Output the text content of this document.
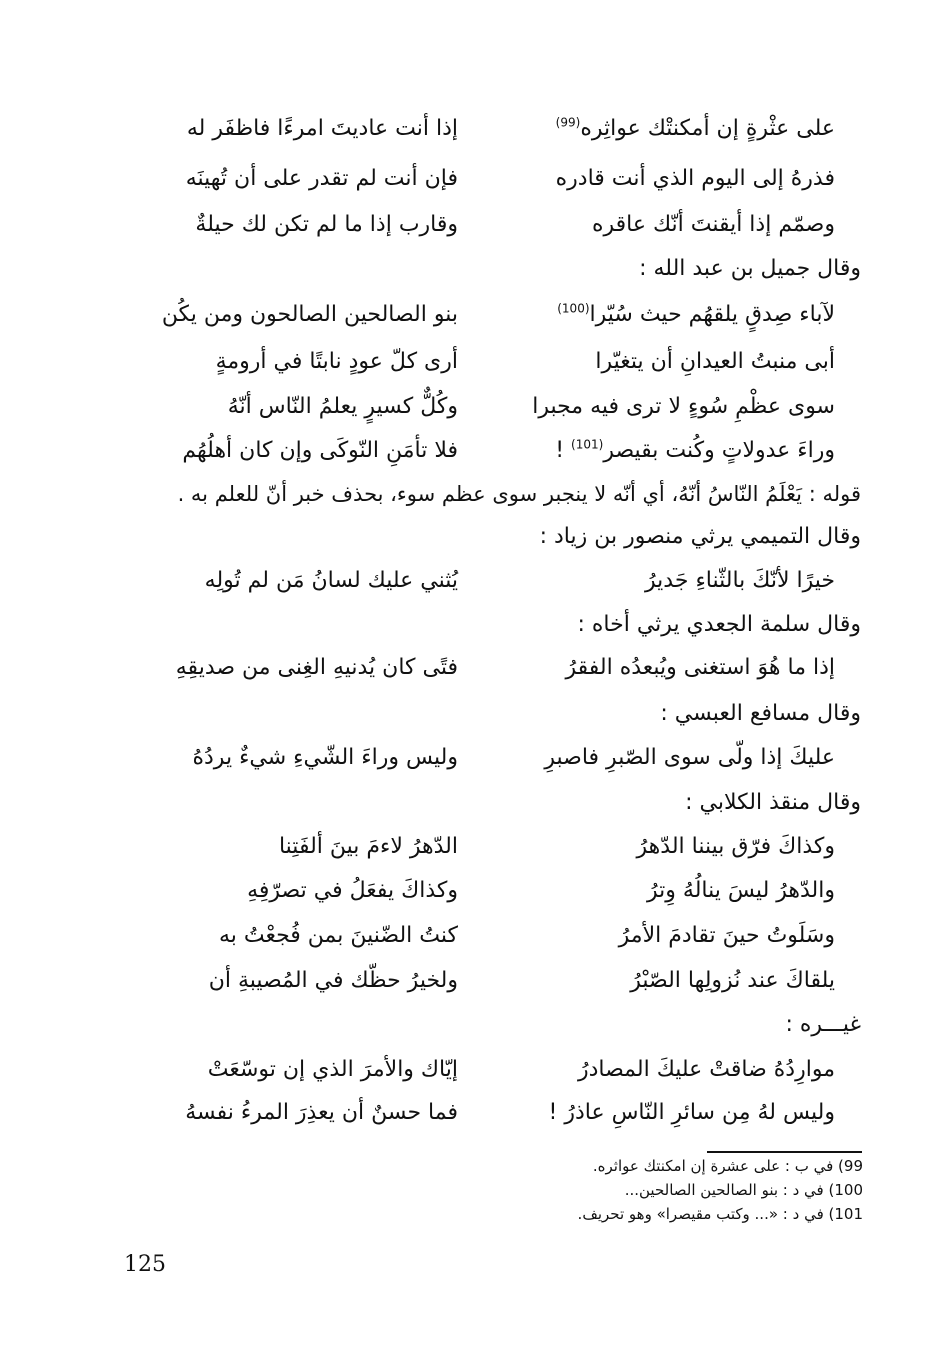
إذا أنت عاديتَ امرءًا فاظفَر له	على عثْرةٍ إن أمكنتْك عواثِره$^{(99)}$
فإن أنت لم تقدر على أن تُهينَه	فذرهُ إلى اليوم الذي أنت قادره
وقارب إذا ما لم تكن لك حيلةٌ	وصمّم إذا أيقنتَ أنّك عاقره
وقال جميل بن عبد الله :
بنو الصالحين الصالحون ومن يكُن	لآباء صِدقٍ يلقهُم حيث سُيّرا$^{(100)}$
أرى كلّ عودٍ نابتًا في أرومةٍ	أبى منبتُ العيدانِ أن يتغيّرا
وكُلٌّ كسيرٍ يعلمُ النّاس أنّهُ	سوى عظْمِ سُوءٍ لا ترى فيه مجبرا
فلا تأمَنِ النّوكَى وإن كان أهلُهُم	وراءَ عدولاتٍ وكُنت بقيصر$^{(101)}$ !
قوله : يَعْلَمُ النّاسُ أنّهُ، أي أنّه لا ينجبر سوى عظم سوء، بحذف خبر أنّ للعلم به .
وقال التميمي يرثي منصور بن زياد :
يُثني عليك لسانُ مَن لم تُولِه	خيرًا لأنّكَ بالثّناءِ جَديرُ
وقال سلمة الجعدي يرثي أخاه :
فتًى كان يُدنيهِ الغِنى من صديقِهِ	إذا ما هُوَ استغنى ويُبعدُه الفقرُ
وقال مسافع العبسي :
وليس وراءَ الشّيءِ شيءٌ يردُهُ	عليكَ إذا ولّى سوى الصّبرِ فاصبرِ
وقال منقذ الكلابي :
الدّهرُ لاءمَ بينَ ألفَتِنا	وكذاكَ فرّق بيننا الدّهرُ
وكذاكَ يفعَلُ في تصرّفِهِ	والدّهرُ ليسَ ينالُهُ وِترُ
كنتُ الضّنينَ بمن فُجعْتُ به	وسَلَوتُ حينَ تقادمَ الأمرُ
ولخيرُ حظّك في المُصيبةِ أن	يلقاكَ عند نُزولِها الصّبْرُ
غيـــره :
إيّاك والأمرَ الذي إن توسّعَتْ	موارِدُهُ ضاقتْ عليكَ المصادرُ
فما حسنٌ أن يعذِرَ المرءُ نفسهُ	وليس لهُ مِن سائرِ النّاسِ عاذرُ !
99) في ب : على عشرة إن امكنتك عواثره.
100) في د : بنو الصالحين الصالحين...
101) في د : «... وكتب مقيصرا» وهو تحريف.
125
